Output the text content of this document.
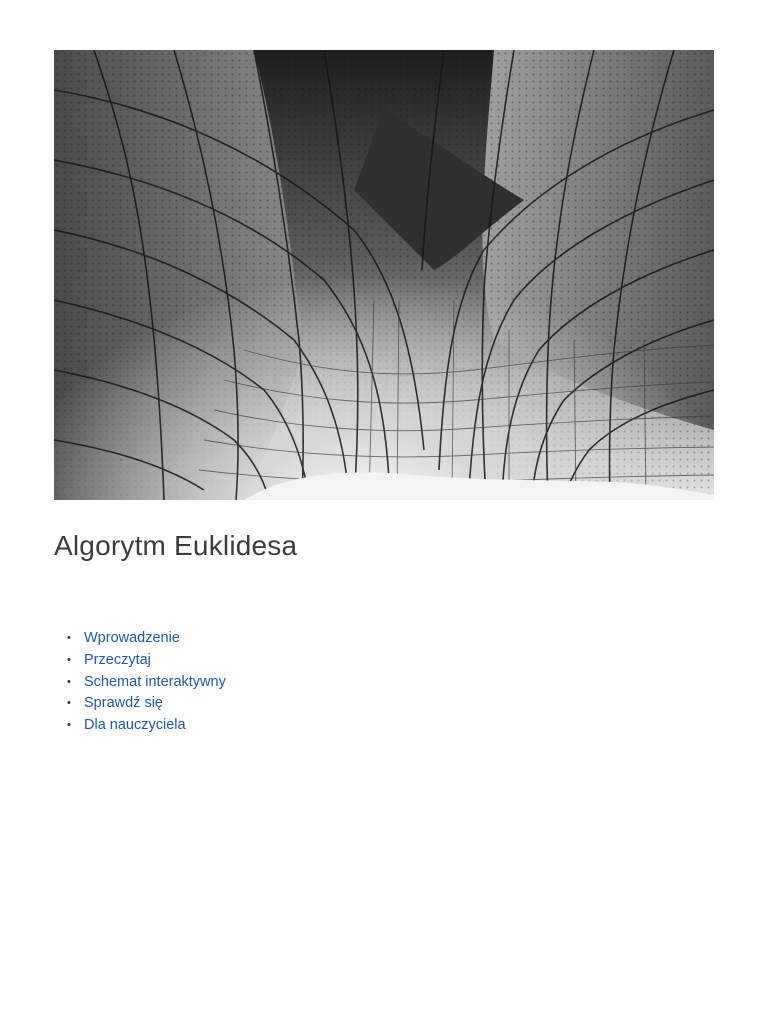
Algorytm Euklidesa
• Wprowadzenie
• Przeczytaj
• Schemat interaktywny
• Sprawdź się
• Dla nauczyciela
